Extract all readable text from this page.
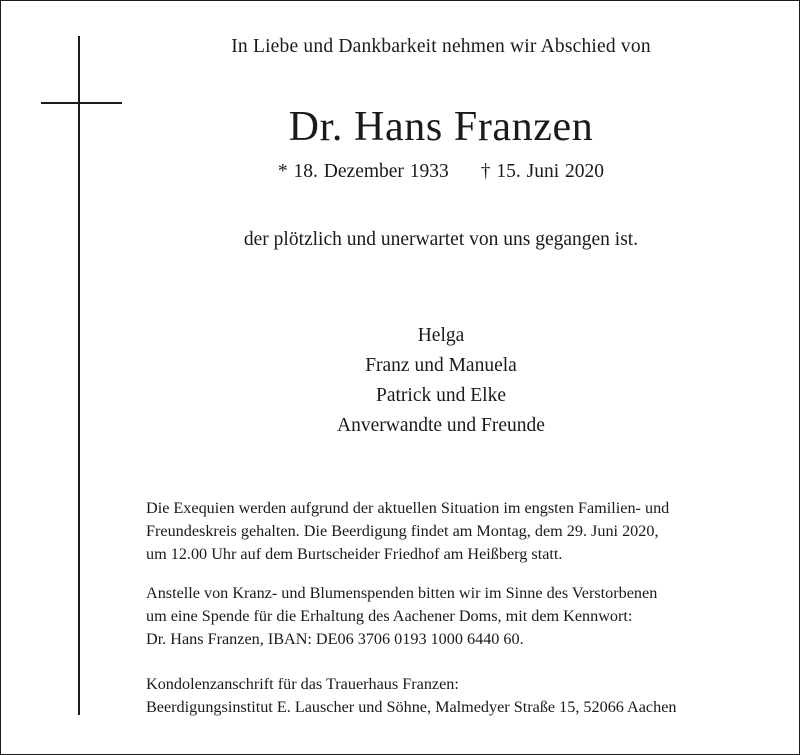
In Liebe und Dankbarkeit nehmen wir Abschied von
Dr. Hans Franzen
* 18. Dezember 1933 † 15. Juni 2020
der plötzlich und unerwartet von uns gegangen ist.
Helga
Franz und Manuela
Patrick und Elke
Anverwandte und Freunde
Die Exequien werden aufgrund der aktuellen Situation im engsten Familien- und
Freundeskreis gehalten. Die Beerdigung findet am Montag, dem 29. Juni 2020,
um 12.00 Uhr auf dem Burtscheider Friedhof am Heißberg statt.
Anstelle von Kranz- und Blumenspenden bitten wir im Sinne des Verstorbenen
um eine Spende für die Erhaltung des Aachener Doms, mit dem Kennwort:
Dr. Hans Franzen, IBAN: DE06 3706 0193 1000 6440 60.
Kondolenzanschrift für das Trauerhaus Franzen:
Beerdigungsinstitut E. Lauscher und Söhne, Malmedyer Straße 15, 52066 Aachen
